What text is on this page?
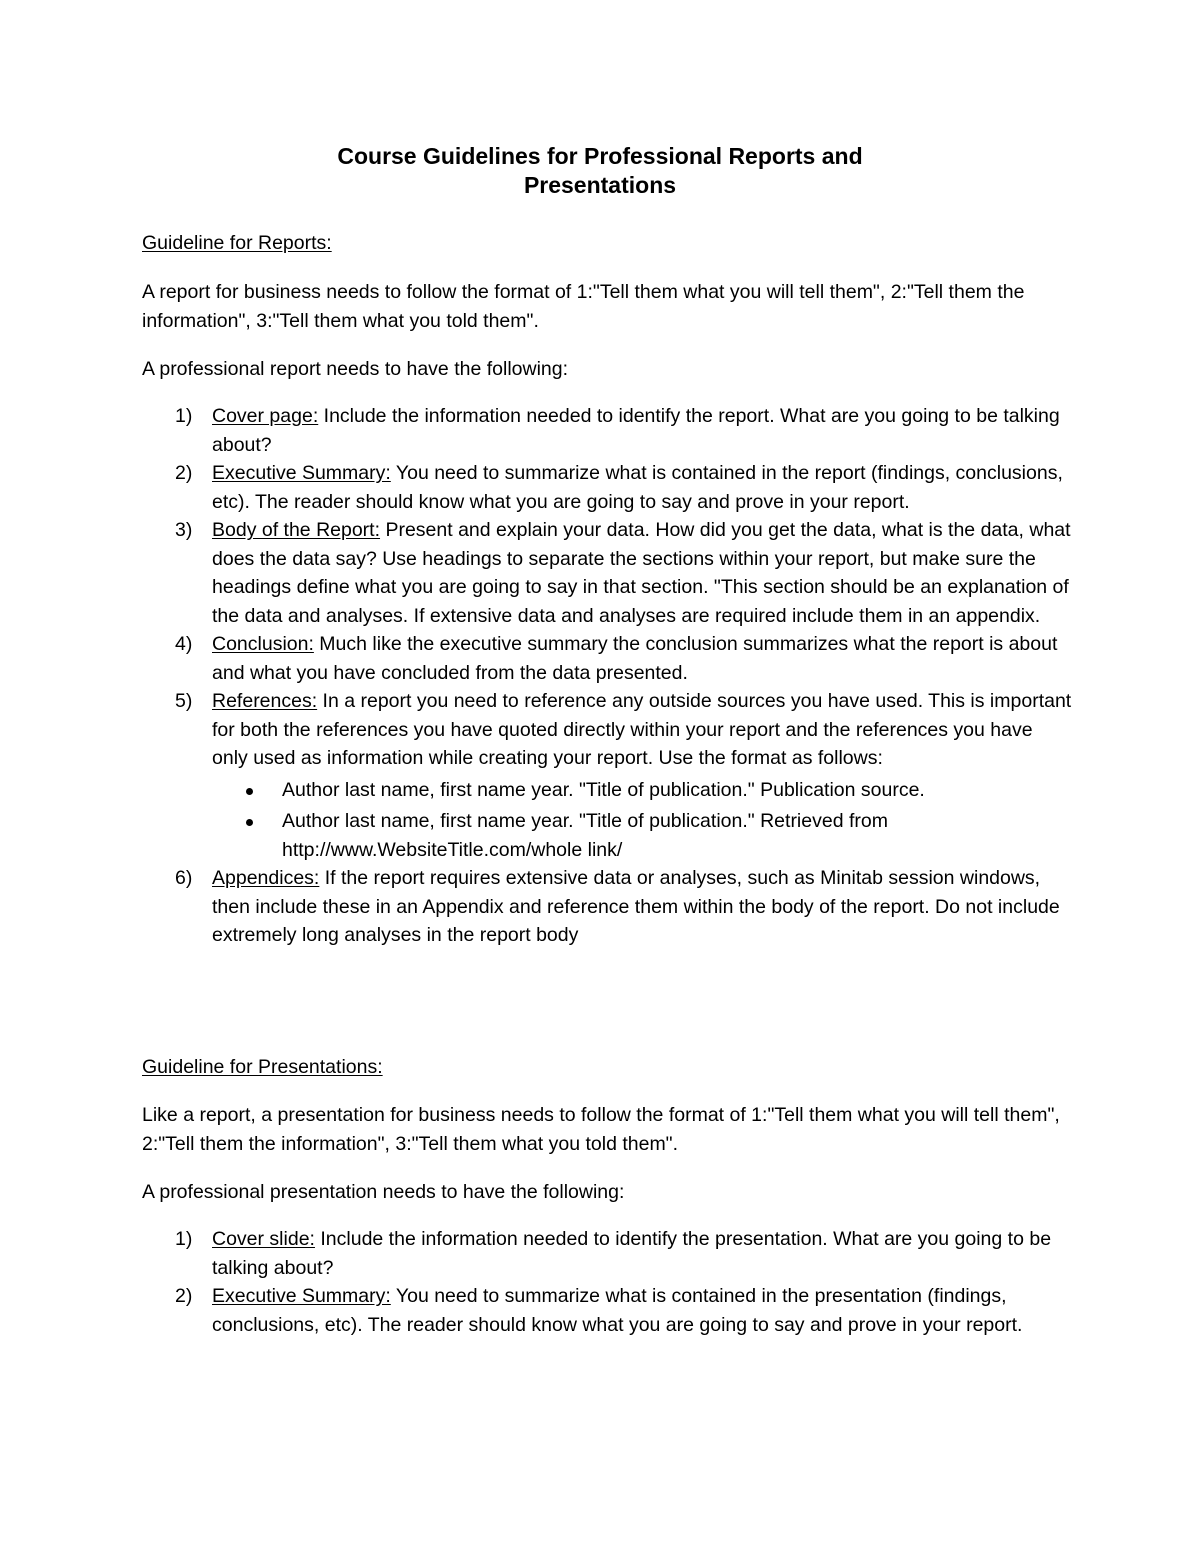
Course Guidelines for Professional Reports and
Presentations
Guideline for Reports:
A report for business needs to follow the format of 1:"Tell them what you will tell them", 2:"Tell them the information", 3:"Tell them what you told them".
A professional report needs to have the following:
1) Cover page: Include the information needed to identify the report. What are you going to be talking about?
2) Executive Summary: You need to summarize what is contained in the report (findings, conclusions, etc). The reader should know what you are going to say and prove in your report.
3) Body of the Report: Present and explain your data. How did you get the data, what is the data, what does the data say? Use headings to separate the sections within your report, but make sure the headings define what you are going to say in that section. "This section should be an explanation of the data and analyses. If extensive data and analyses are required include them in an appendix.
4) Conclusion: Much like the executive summary the conclusion summarizes what the report is about and what you have concluded from the data presented.
5) References: In a report you need to reference any outside sources you have used. This is important for both the references you have quoted directly within your report and the references you have only used as information while creating your report. Use the format as follows:
Author last name, first name year. "Title of publication." Publication source.
Author last name, first name year. "Title of publication." Retrieved from http://www.WebsiteTitle.com/whole link/
6) Appendices: If the report requires extensive data or analyses, such as Minitab session windows, then include these in an Appendix and reference them within the body of the report. Do not include extremely long analyses in the report body
Guideline for Presentations:
Like a report, a presentation for business needs to follow the format of 1:"Tell them what you will tell them", 2:"Tell them the information", 3:"Tell them what you told them".
A professional presentation needs to have the following:
1) Cover slide: Include the information needed to identify the presentation. What are you going to be talking about?
2) Executive Summary: You need to summarize what is contained in the presentation (findings, conclusions, etc). The reader should know what you are going to say and prove in your report.
